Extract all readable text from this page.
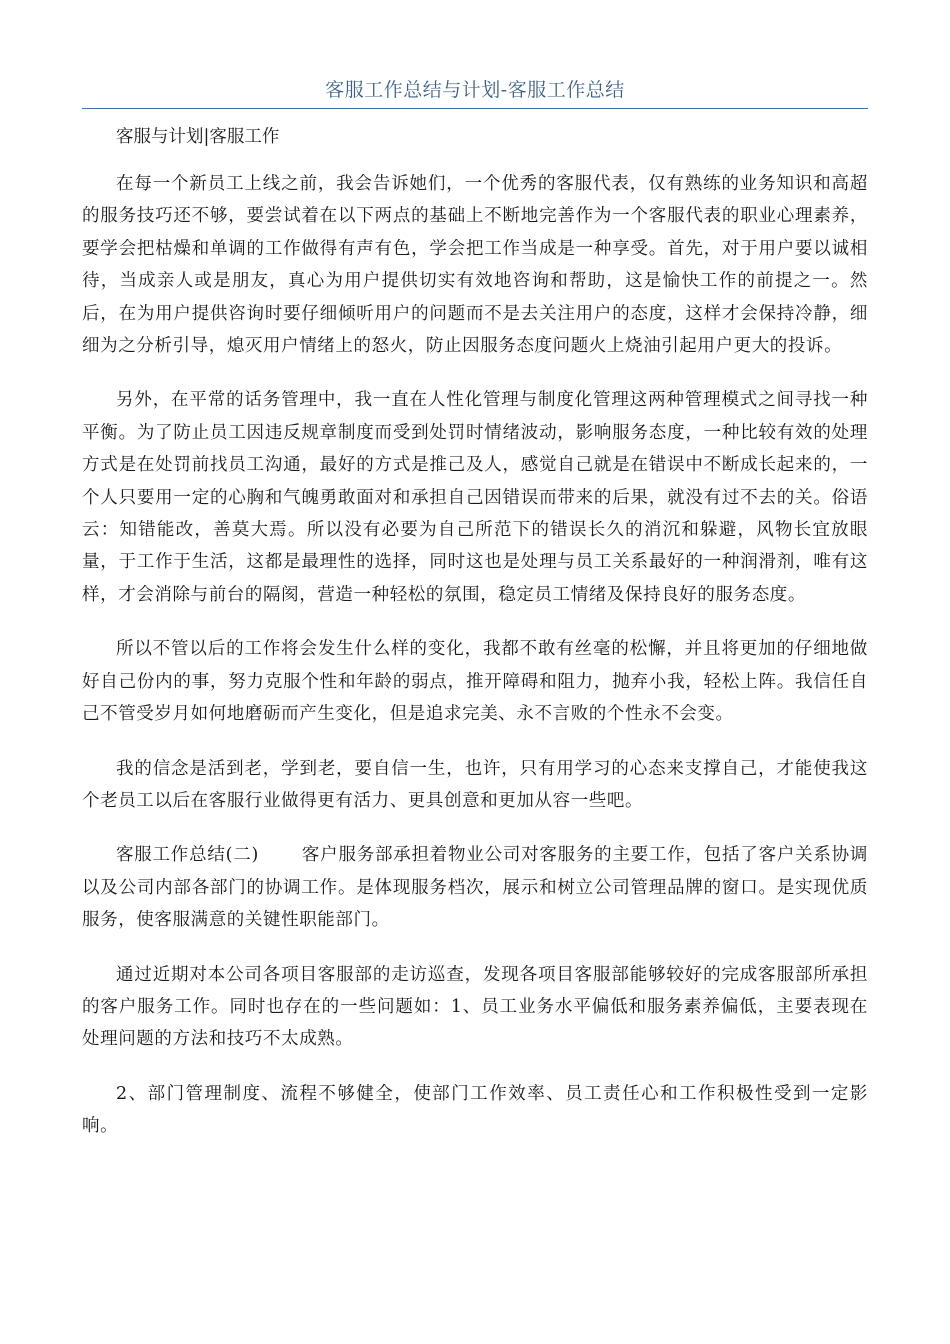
客服工作总结与计划-客服工作总结
客服与计划|客服工作

在每一个新员工上线之前，我会告诉她们，一个优秀的客服代表，仅有熟练的业务知识和高超的服务技巧还不够，要尝试着在以下两点的基础上不断地完善作为一个客服代表的职业心理素养，要学会把枯燥和单调的工作做得有声有色，学会把工作当成是一种享受。首先，对于用户要以诚相待，当成亲人或是朋友，真心为用户提供切实有效地咨询和帮助，这是愉快工作的前提之一。然后，在为用户提供咨询时要仔细倾听用户的问题而不是去关注用户的态度，这样才会保持冷静，细细为之分析引导，熄灭用户情绪上的怒火，防止因服务态度问题火上烧油引起用户更大的投诉。

另外，在平常的话务管理中，我一直在人性化管理与制度化管理这两种管理模式之间寻找一种平衡。为了防止员工因违反规章制度而受到处罚时情绪波动，影响服务态度，一种比较有效的处理方式是在处罚前找员工沟通，最好的方式是推己及人，感觉自己就是在错误中不断成长起来的，一个人只要用一定的心胸和气魄勇敢面对和承担自己因错误而带来的后果，就没有过不去的关。俗语云：知错能改，善莫大焉。所以没有必要为自己所范下的错误长久的消沉和躲避，风物长宜放眼量，于工作于生活，这都是最理性的选择，同时这也是处理与员工关系最好的一种润滑剂，唯有这样，才会消除与前台的隔阂，营造一种轻松的氛围，稳定员工情绪及保持良好的服务态度。

所以不管以后的工作将会发生什么样的变化，我都不敢有丝毫的松懈，并且将更加的仔细地做好自己份内的事，努力克服个性和年龄的弱点，推开障碍和阻力，抛弃小我，轻松上阵。我信任自己不管受岁月如何地磨砺而产生变化，但是追求完美、永不言败的个性永不会变。

我的信念是活到老，学到老，要自信一生，也许，只有用学习的心态来支撑自己，才能使我这个老员工以后在客服行业做得更有活力、更具创意和更加从容一些吧。

客服工作总结(二)　　 客户服务部承担着物业公司对客服务的主要工作，包括了客户关系协调以及公司内部各部门的协调工作。是体现服务档次，展示和树立公司管理品牌的窗口。是实现优质服务，使客服满意的关键性职能部门。

通过近期对本公司各项目客服部的走访巡查，发现各项目客服部能够较好的完成客服部所承担的客户服务工作。同时也存在的一些问题如：1、员工业务水平偏低和服务素养偏低，主要表现在处理问题的方法和技巧不太成熟。

2、部门管理制度、流程不够健全，使部门工作效率、员工责任心和工作积极性受到一定影响。
